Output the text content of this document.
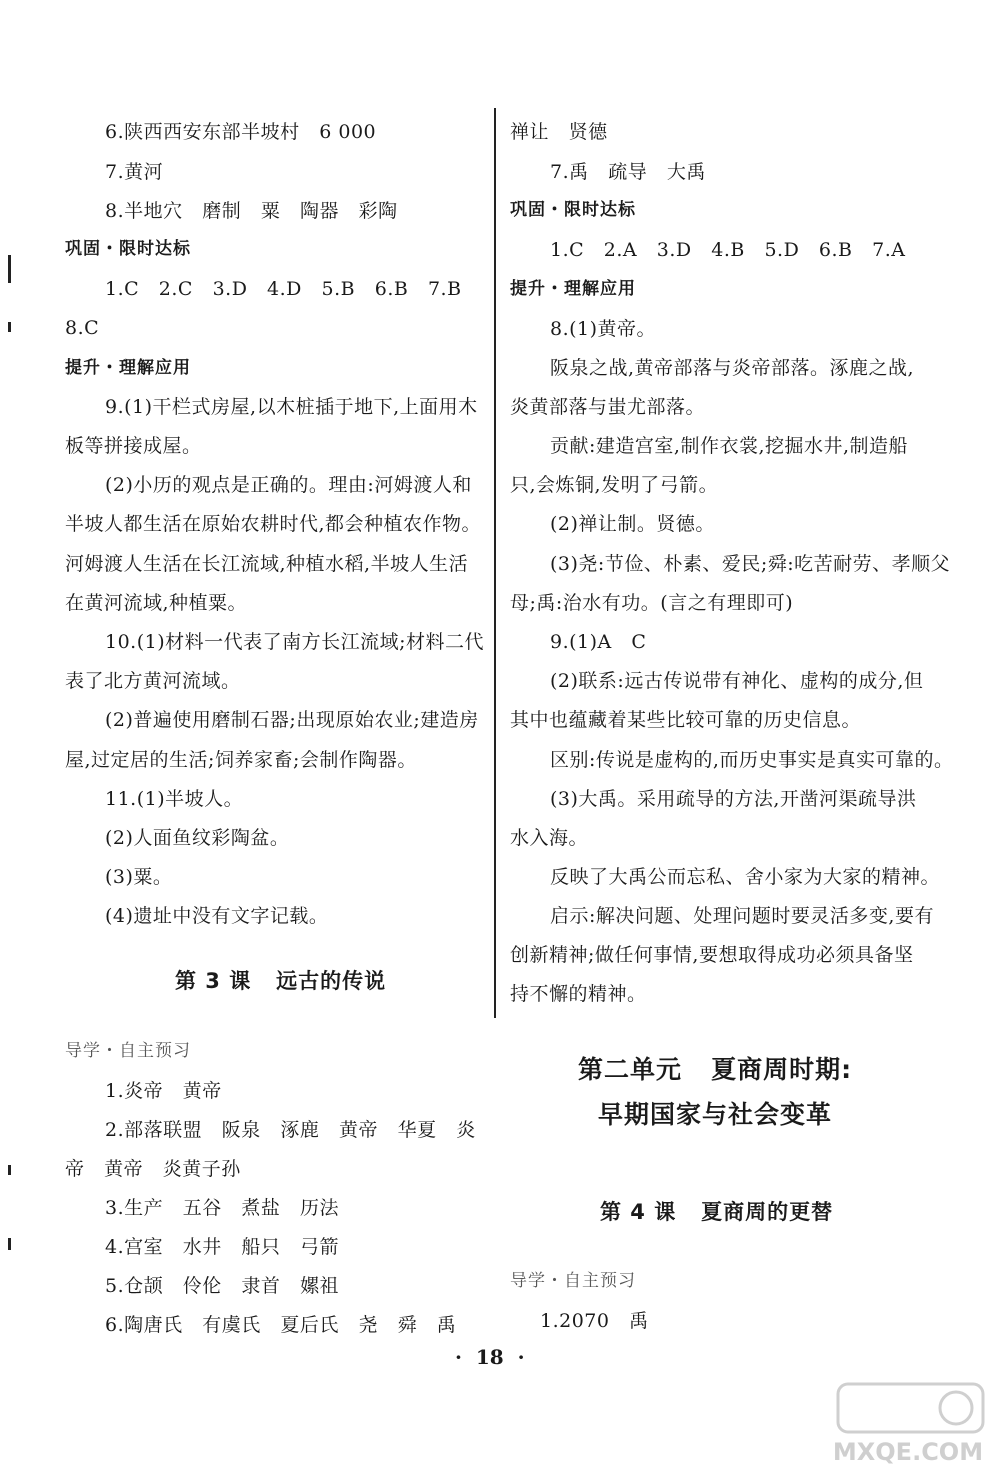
6.陕西西安东部半坡村   6 000
7.黄河
8.半地穴   磨制   粟   陶器   彩陶
巩固・限时达标
1.C   2.C   3.D   4.D   5.B   6.B   7.B
8.C
提升・理解应用
9.(1)干栏式房屋,以木桩插于地下,上面用木
板等拼接成屋。
(2)小历的观点是正确的。理由:河姆渡人和
半坡人都生活在原始农耕时代,都会种植农作物。
河姆渡人生活在长江流域,种植水稻,半坡人生活
在黄河流域,种植粟。
10.(1)材料一代表了南方长江流域;材料二代
表了北方黄河流域。
(2)普遍使用磨制石器;出现原始农业;建造房
屋,过定居的生活;饲养家畜;会制作陶器。
11.(1)半坡人。
(2)人面鱼纹彩陶盆。
(3)粟。
(4)遗址中没有文字记载。
第 3 课   远古的传说
导学・自主预习
1.炎帝   黄帝
2.部落联盟   阪泉   涿鹿   黄帝   华夏   炎
帝   黄帝   炎黄子孙
3.生产   五谷   煮盐   历法
4.宫室   水井   船只   弓箭
5.仓颉   伶伦   隶首   嫘祖
6.陶唐氏   有虞氏   夏后氏   尧   舜   禹
禅让   贤德
7.禹   疏导   大禹
巩固・限时达标
1.C   2.A   3.D   4.B   5.D   6.B   7.A
提升・理解应用
8.(1)黄帝。
阪泉之战,黄帝部落与炎帝部落。涿鹿之战,
炎黄部落与蚩尤部落。
贡献:建造宫室,制作衣裳,挖掘水井,制造船
只,会炼铜,发明了弓箭。
(2)禅让制。贤德。
(3)尧:节俭、朴素、爱民;舜:吃苦耐劳、孝顺父
母;禹:治水有功。(言之有理即可)
9.(1)A   C
(2)联系:远古传说带有神化、虚构的成分,但
其中也蕴藏着某些比较可靠的历史信息。
区别:传说是虚构的,而历史事实是真实可靠的。
(3)大禹。采用疏导的方法,开凿河渠疏导洪
水入海。
反映了大禹公而忘私、舍小家为大家的精神。
启示:解决问题、处理问题时要灵活多变,要有
创新精神;做任何事情,要想取得成功必须具备坚
持不懈的精神。
第二单元   夏商周时期:
早期国家与社会变革
第 4 课   夏商周的更替
导学・自主预习
1.2070   禹
·  18  ·
MXQE.COM
